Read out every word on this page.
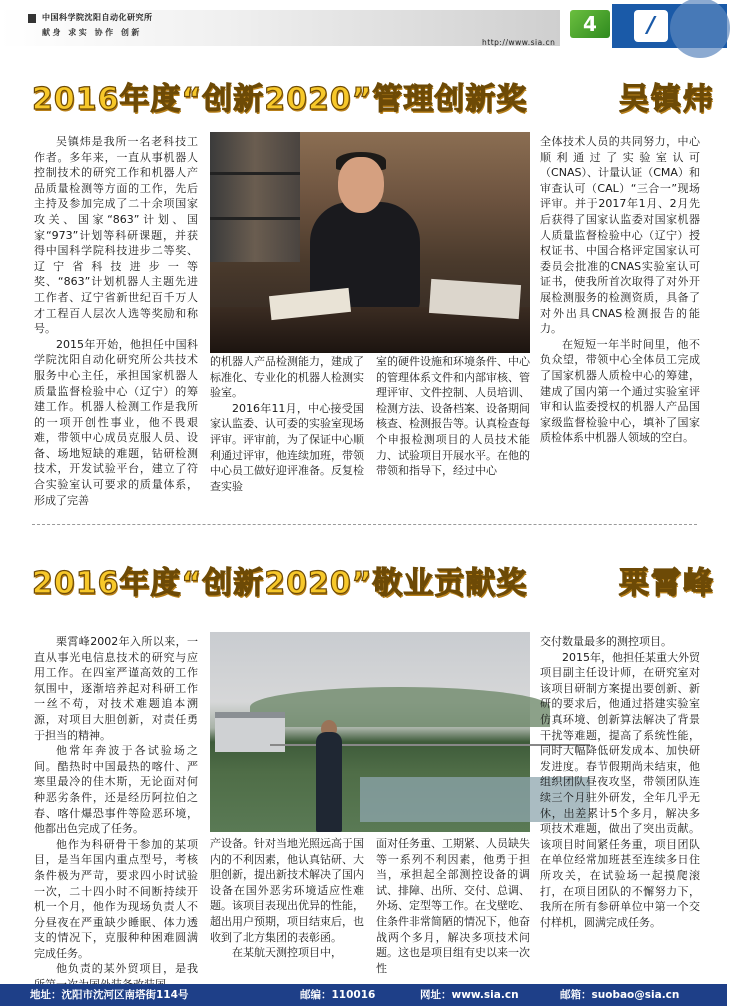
中国科学院沈阳自动化研究所
献身 求实 协作 创新
http://www.sia.cn
4	∕
2016年度“创新2020”管理创新奖	吴镇炜

吴镇炜是我所一名老科技工作者。多年来，一直从事机器人控制技术的研究工作和机器人产品质量检测等方面的工作，先后主持及参加完成了二十余项国家攻关、国家“863”计划、国家“973”计划等科研课题，并获得中国科学院科技进步二等奖、辽宁省科技进步一等奖、“863”计划机器人主题先进工作者、辽宁省新世纪百千万人才工程百人层次人选等奖励和称号。

2015年开始，他担任中国科学院沈阳自动化研究所公共技术服务中心主任，承担国家机器人质量监督检验中心（辽宁）的筹建工作。机器人检测工作是我所的一项开创性事业，他不畏艰难，带领中心成员克服人员、设备、场地短缺的难题，钻研检测技术，开发试验平台，建立了符合实验室认可要求的质量体系，形成了完善

的机器人产品检测能力，建成了标准化、专业化的机器人检测实验室。

2016年11月，中心接受国家认监委、认可委的实验室现场评审。评审前，为了保证中心顺利通过评审，他连续加班，带领中心员工做好迎评准备。反复检查实验

室的硬件设施和环境条件、中心的管理体系文件和内部审核、管理评审、文件控制、人员培训、检测方法、设备档案、设备期间核查、检测报告等。认真检查每个申报检测项目的人员技术能力、试验项目开展水平。在他的带领和指导下，经过中心

全体技术人员的共同努力，中心顺利通过了实验室认可（CNAS）、计量认证（CMA）和审查认可（CAL）“三合一”现场评审。并于2017年1月、2月先后获得了国家认监委对国家机器人质量监督检验中心（辽宁）授权证书、中国合格评定国家认可委员会批准的CNAS实验室认可证书，使我所首次取得了对外开展检测服务的检测资质，具备了对外出具CNAS检测报告的能力。

在短短一年半时间里，他不负众望，带领中心全体员工完成了国家机器人质检中心的筹建，建成了国内第一个通过实验室评审和认监委授权的机器人产品国家级监督检验中心，填补了国家质检体系中机器人领域的空白。

2016年度“创新2020”敬业贡献奖	栗霄峰

栗霄峰2002年入所以来，一直从事光电信息技术的研究与应用工作。在四室严谨高效的工作氛围中，逐渐培养起对科研工作一丝不苟，对技术难题追本溯源，对项目大胆创新，对责任勇于担当的精神。

他常年奔波于各试验场之间。酷热时中国最热的喀什、严寒里最冷的佳木斯，无论面对何种恶劣条件，还是经历阿拉伯之春、喀什爆恐事件等险恶环境，他都出色完成了任务。

他作为科研骨干参加的某项目，是当年国内重点型号，考核条件极为严苛，要求四小时试验一次，二十四小时不间断持续开机一个月，他作为现场负责人不分昼夜在严重缺少睡眠、体力透支的情况下，克服种种困难圆满完成任务。

他负责的某外贸项目，是我

产设备。针对当地光照远高于国内的不利因素，他认真钻研、大胆创新，提出新技术解决了国内设备在国外恶劣环境适应性难题。该项目表现出优异的性能，超出用户预期，项目结束后，也收到了北方集团的表彰函。

在某航天测控项目中，

面对任务重、工期紧、人员缺失等一系列不利因素，他勇于担当，承担起全部测控设备的调试、排障、出所、交付、总调、外场、定型等工作。在戈壁吃、住条件非常简陋的情况下，他奋战两个多月，解决多项技术问题。这也是项目组有史以来一次性

交付数量最多的测控项目。

2015年，他担任某重大外贸项目副主任设计师，在研究室对该项目研制方案提出要创新、新研的要求后，他通过搭建实验室仿真环境、创新算法解决了背景干扰等难题，提高了系统性能，同时大幅降低研发成本、加快研发进度。春节假期尚未结束，他组织团队昼夜攻坚，带领团队连续三个月驻外研发，全年几乎无休，出差累计5个多月，解决多项技术难题，做出了突出贡献。该项目时间紧任务重，项目团队在单位经常加班甚至连续多日住所攻关，在试验场一起摸爬滚打，在项目团队的不懈努力下，我所在所有参研单位中第一个交付样机，圆满完成任务。

地址：沈阳市沈河区南塔街114号	邮编：110016	网址：www.sia.cn	邮箱：suobao@sia.cn
